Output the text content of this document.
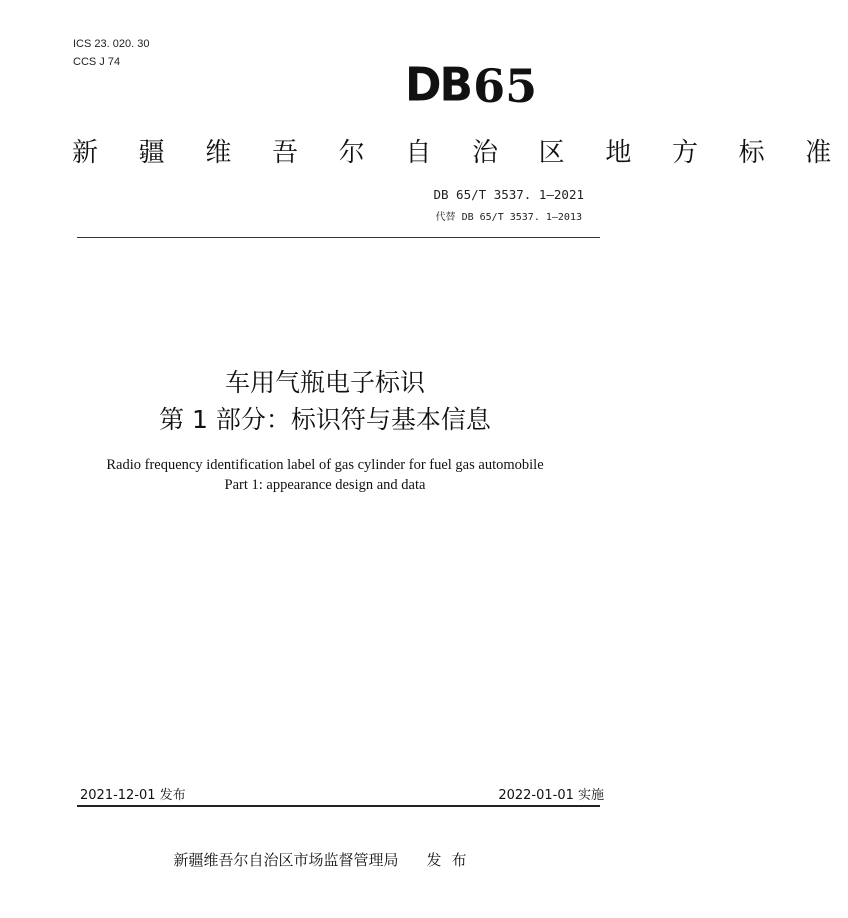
ICS 23. 020. 30
CCS J 74	DB 65
新 疆 维 吾 尔 自 治 区 地 方 标 准
DB 65/T 3537. 1—2021
代替 DB 65/T 3537. 1—2013
车用气瓶电子标识
第 1 部分：标识符与基本信息
Radio frequency identification label of gas cylinder for fuel gas automobile
Part 1: appearance design and data
2021-12-01 发布	2022-01-01 实施
新疆维吾尔自治区市场监督管理局 发布
